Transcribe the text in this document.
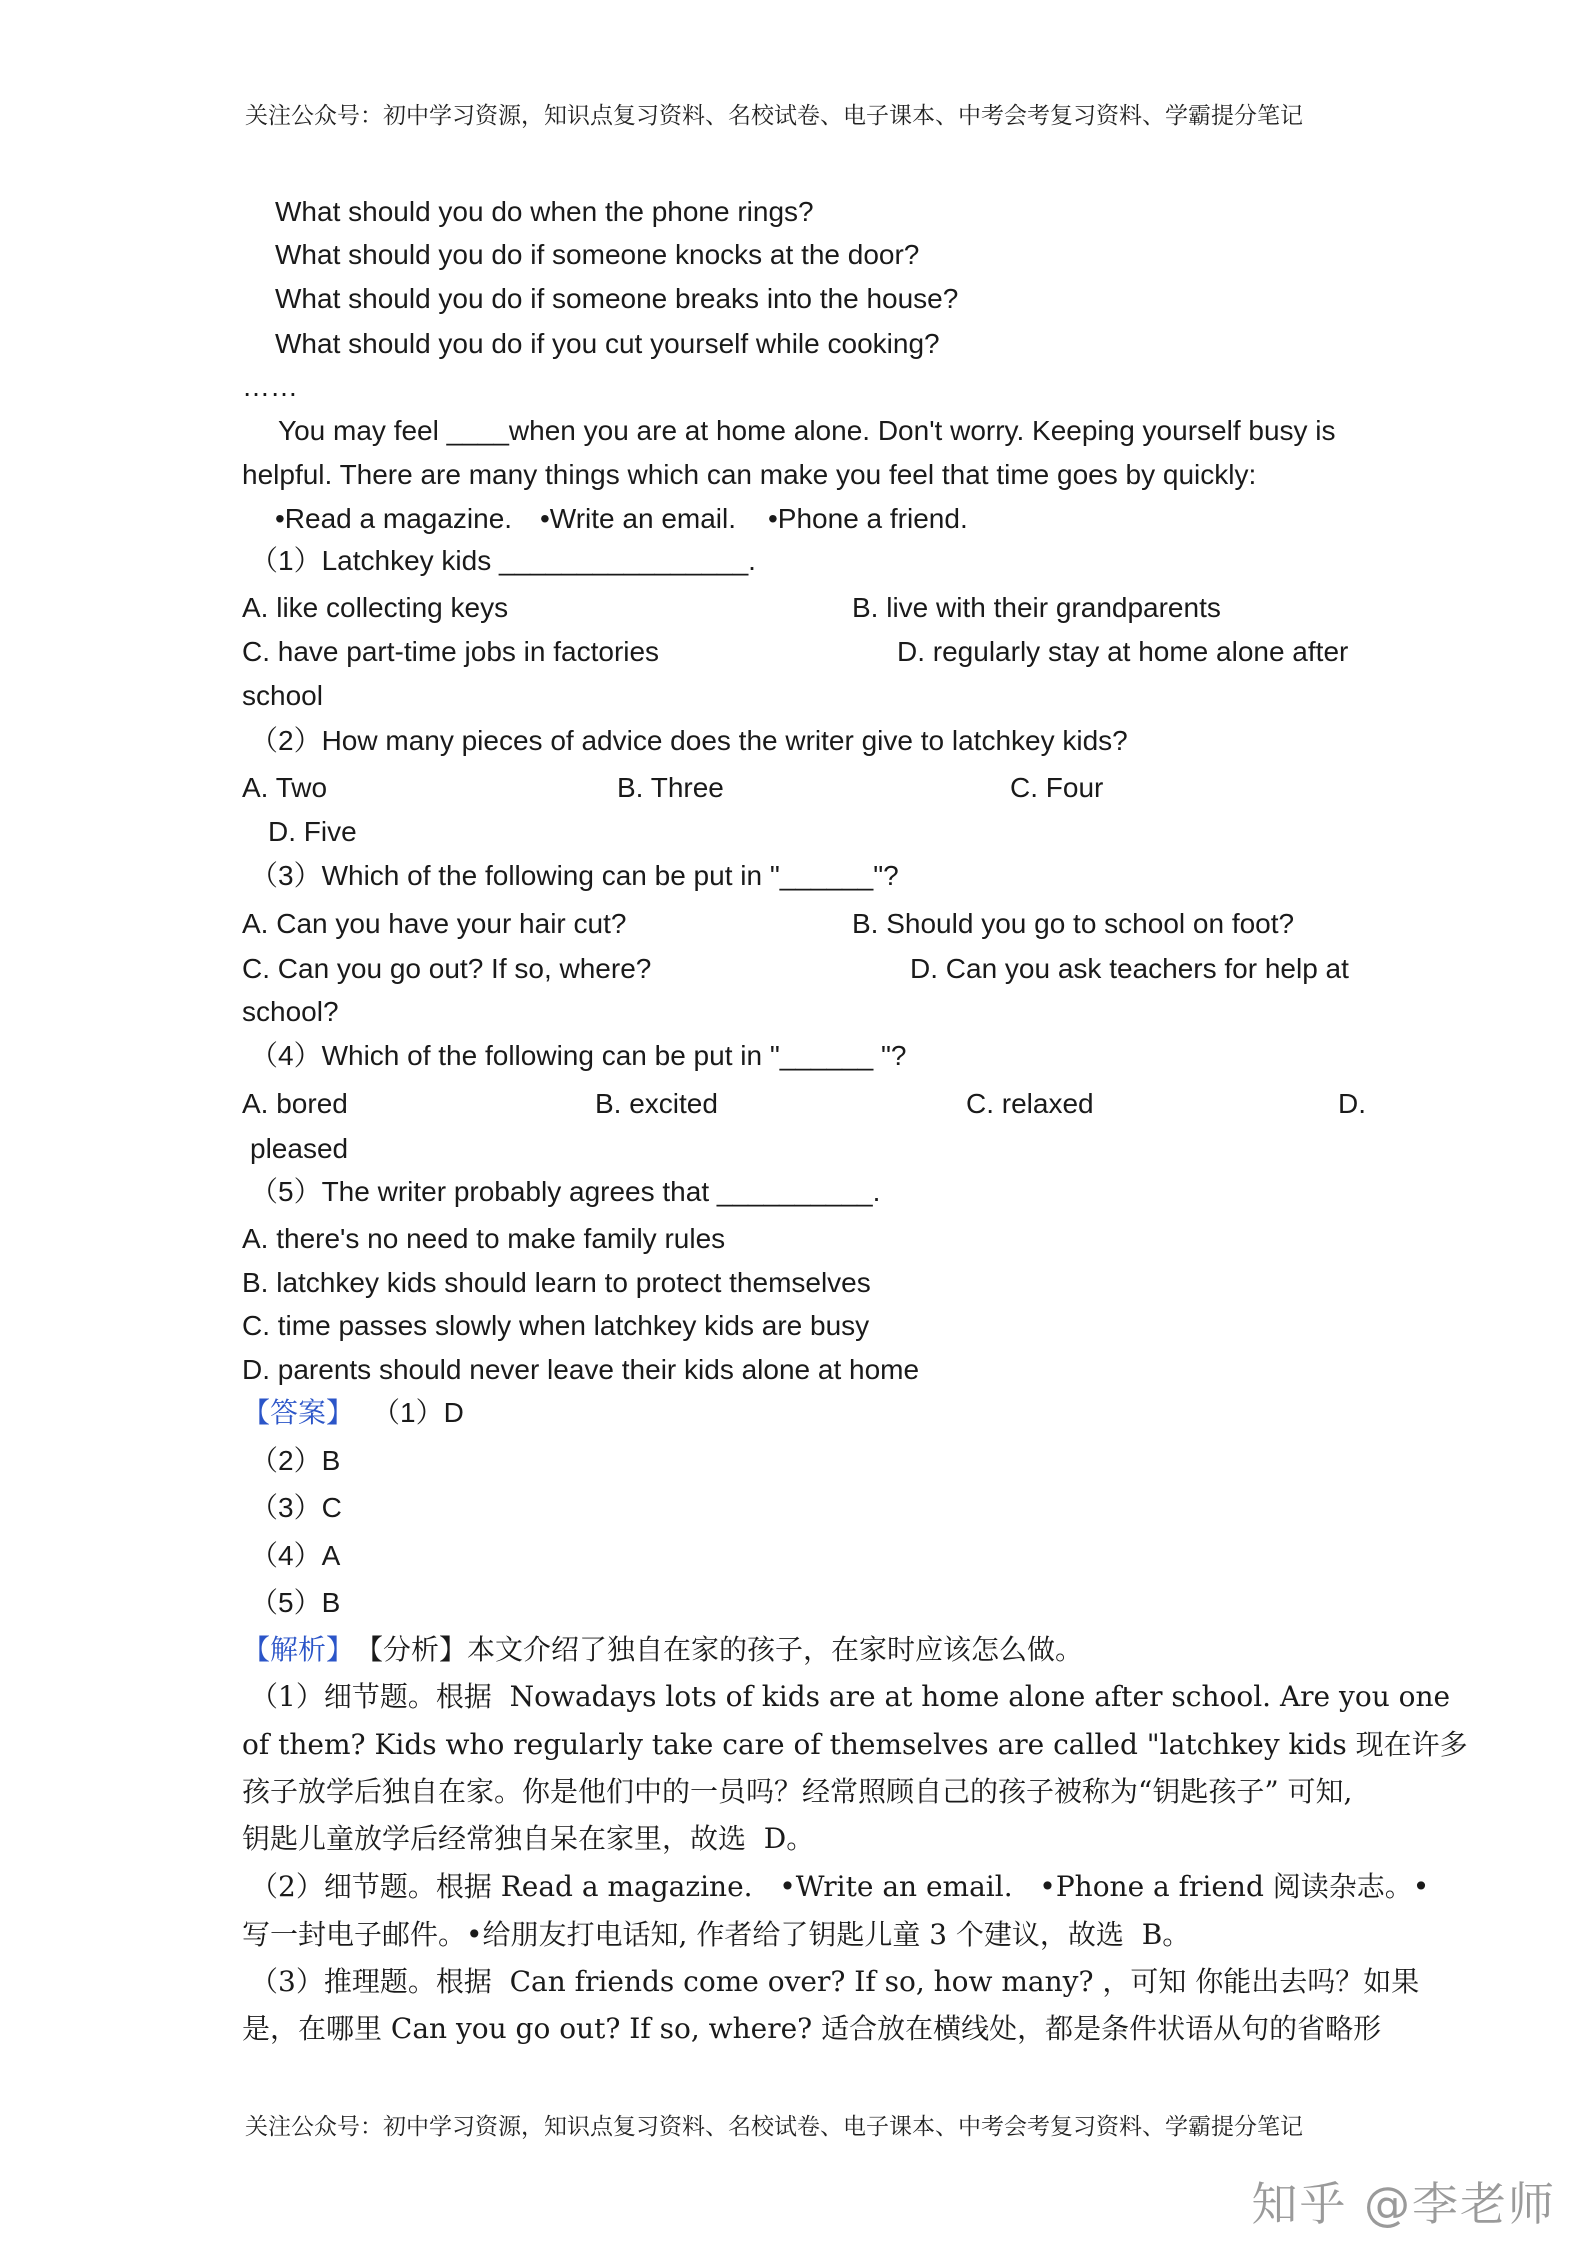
关注公众号：初中学习资源，知识点复习资料、名校试卷、电子课本、中考会考复习资料、学霸提分笔记
What should you do when the phone rings?
What should you do if someone knocks at the door?
What should you do if someone breaks into the house?
What should you do if you cut yourself while cooking?
……
You may feel ____when you are at home alone. Don't worry. Keeping yourself busy is
helpful. There are many things which can make you feel that time goes by quickly:
•Read a magazine. •Write an email. •Phone a friend.
（1）Latchkey kids ________________.
A. like collecting keys	B. live with their grandparents
C. have part-time jobs in factories	D. regularly stay at home alone after
school
（2）How many pieces of advice does the writer give to latchkey kids?
A. Two	B. Three	C. Four
D. Five
（3）Which of the following can be put in "______"?
A. Can you have your hair cut?	B. Should you go to school on foot?
C. Can you go out? If so, where?	D. Can you ask teachers for help at
school?
（4）Which of the following can be put in "______ "?
A. bored	B. excited	C. relaxed	D.
pleased
（5）The writer probably agrees that __________.
A. there's no need to make family rules
B. latchkey kids should learn to protect themselves
C. time passes slowly when latchkey kids are busy
D. parents should never leave their kids alone at home
【答案】 （1）D
（2）B
（3）C
（4）A
（5）B
【解析】 【分析】本文介绍了独自在家的孩子，在家时应该怎么做。
（1）细节题。根据  Nowadays lots of kids are at home alone after school. Are you one
of them? Kids who regularly take care of themselves are called "latchkey kids 现在许多
孩子放学后独自在家。你是他们中的一员吗？经常照顾自己的孩子被称为“钥匙孩子” 可知,
钥匙儿童放学后经常独自呆在家里，故选  D。
（2）细节题。根据 Read a magazine.   •Write an email.   •Phone a friend 阅读杂志。•
写一封电子邮件。•给朋友打电话知, 作者给了钥匙儿童 3 个建议，故选  B。
（3）推理题。根据  Can friends come over? If so, how many? ，可知 你能出去吗？如果
是，在哪里 Can you go out? If so, where? 适合放在横线处，都是条件状语从句的省略形
关注公众号：初中学习资源，知识点复习资料、名校试卷、电子课本、中考会考复习资料、学霸提分笔记
知乎 @李老师
